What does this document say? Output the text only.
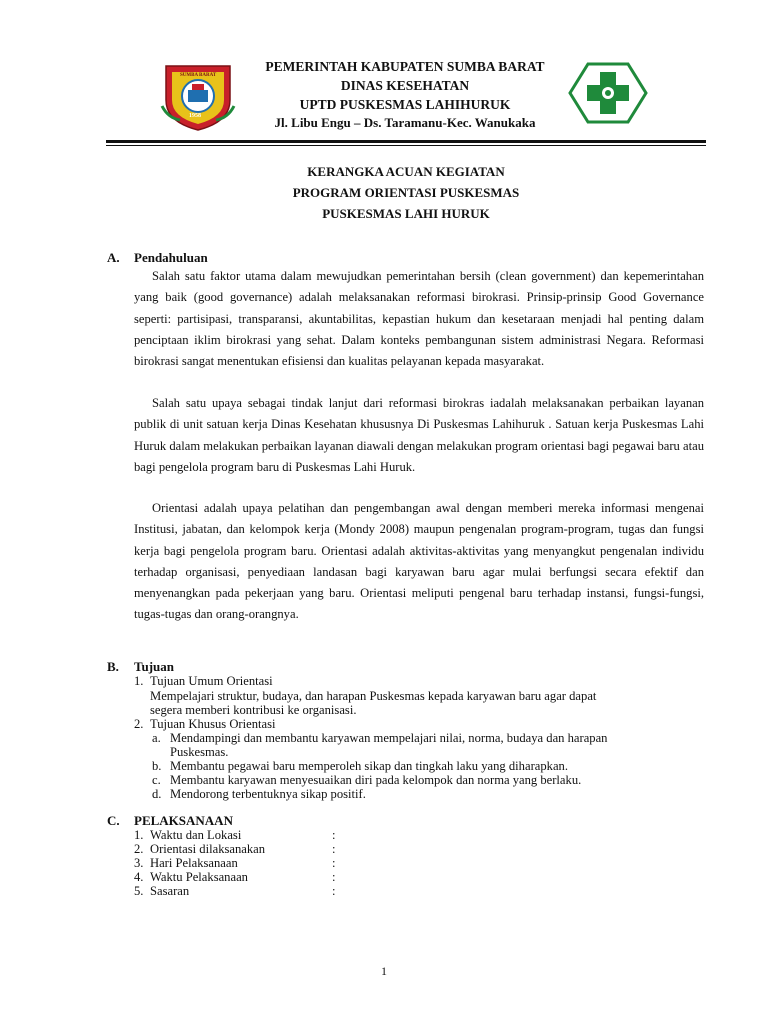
1958
SUMBA BARAT
PEMERINTAH KABUPATEN SUMBA BARAT
DINAS KESEHATAN
UPTD PUSKESMAS LAHIHURUK
Jl. Libu Engu – Ds. Taramanu-Kec. Wanukaka
KERANGKA ACUAN KEGIATAN
PROGRAM ORIENTASI PUSKESMAS
PUSKESMAS LAHI HURUK
A. Pendahuluan
Salah satu faktor utama dalam mewujudkan pemerintahan bersih (clean government) dan kepemerintahan yang baik (good governance) adalah melaksanakan reformasi birokrasi. Prinsip-prinsip Good Governance seperti: partisipasi, transparansi, akuntabilitas, kepastian hukum dan kesetaraan menjadi hal penting dalam penciptaan iklim birokrasi yang sehat. Dalam konteks pembangunan sistem administrasi Negara. Reformasi birokrasi sangat menentukan efisiensi dan kualitas pelayanan kepada masyarakat.
Salah satu upaya sebagai tindak lanjut dari reformasi birokras iadalah melaksanakan perbaikan layanan publik di unit satuan kerja Dinas Kesehatan khususnya Di Puskesmas Lahihuruk . Satuan kerja Puskesmas Lahi Huruk dalam melakukan perbaikan layanan diawali dengan melakukan program orientasi bagi pegawai baru atau bagi pengelola program baru di Puskesmas Lahi Huruk.
Orientasi adalah upaya pelatihan dan pengembangan awal dengan memberi mereka informasi mengenai Institusi, jabatan, dan kelompok kerja (Mondy 2008) maupun pengenalan program-program, tugas dan fungsi kerja bagi pengelola program baru. Orientasi adalah aktivitas-aktivitas yang menyangkut pengenalan individu terhadap organisasi, penyediaan landasan bagi karyawan baru agar mulai berfungsi secara efektif dan menyenangkan pada pekerjaan yang baru. Orientasi meliputi pengenal baru terhadap instansi, fungsi-fungsi, tugas-tugas dan orang-orangnya.
B. Tujuan
1. Tujuan Umum Orientasi
Mempelajari struktur, budaya, dan harapan Puskesmas kepada karyawan baru agar dapat
segera memberi kontribusi ke organisasi.
2. Tujuan Khusus Orientasi
a. Mendampingi dan membantu karyawan mempelajari nilai, norma, budaya dan harapan
Puskesmas.
b. Membantu pegawai baru memperoleh sikap dan tingkah laku yang diharapkan.
c. Membantu karyawan menyesuaikan diri pada kelompok dan norma yang berlaku.
d. Mendorong terbentuknya sikap positif.
C. PELAKSANAAN
1. Waktu dan Lokasi	:
2. Orientasi dilaksanakan	:
3. Hari Pelaksanaan	:
4. Waktu Pelaksanaan	:
5. Sasaran	:
1
